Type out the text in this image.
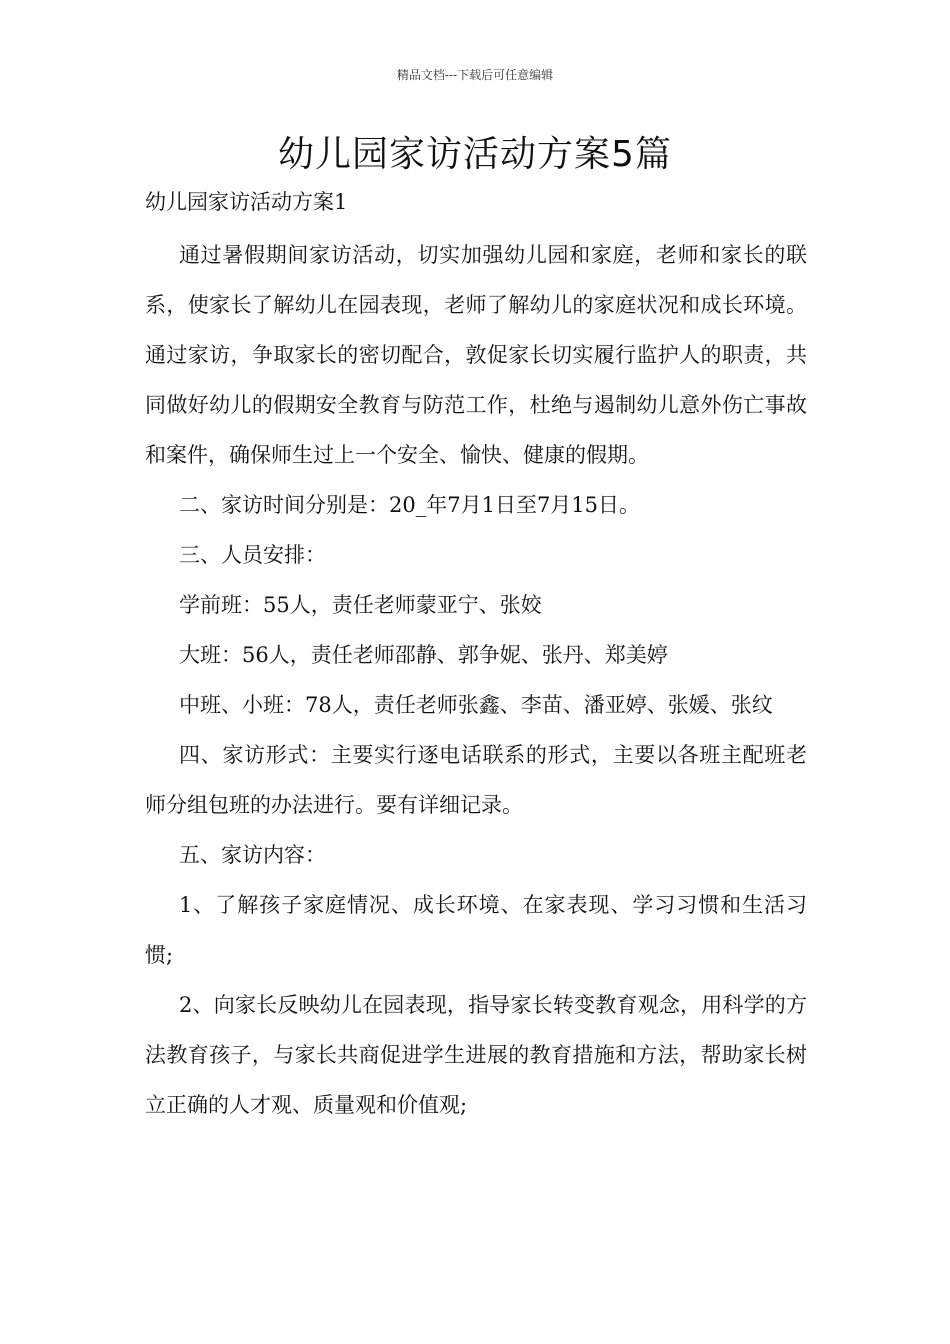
精品文档---下载后可任意编辑
幼儿园家访活动方案5篇
幼儿园家访活动方案1

通过暑假期间家访活动，切实加强幼儿园和家庭，老师和家长的联系，使家长了解幼儿在园表现，老师了解幼儿的家庭状况和成长环境。通过家访，争取家长的密切配合，敦促家长切实履行监护人的职责，共同做好幼儿的假期安全教育与防范工作，杜绝与遏制幼儿意外伤亡事故和案件，确保师生过上一个安全、愉快、健康的假期。

二、家访时间分别是：20_年7月1日至7月15日。

三、人员安排：

学前班：55人，责任老师蒙亚宁、张姣

大班：56人，责任老师邵静、郭争妮、张丹、郑美婷

中班、小班：78人，责任老师张鑫、李苗、潘亚婷、张媛、张纹

四、家访形式：主要实行逐电话联系的形式，主要以各班主配班老师分组包班的办法进行。要有详细记录。

五、家访内容：

1、了解孩子家庭情况、成长环境、在家表现、学习习惯和生活习惯;

2、向家长反映幼儿在园表现，指导家长转变教育观念，用科学的方法教育孩子，与家长共商促进学生进展的教育措施和方法，帮助家长树立正确的人才观、质量观和价值观;
